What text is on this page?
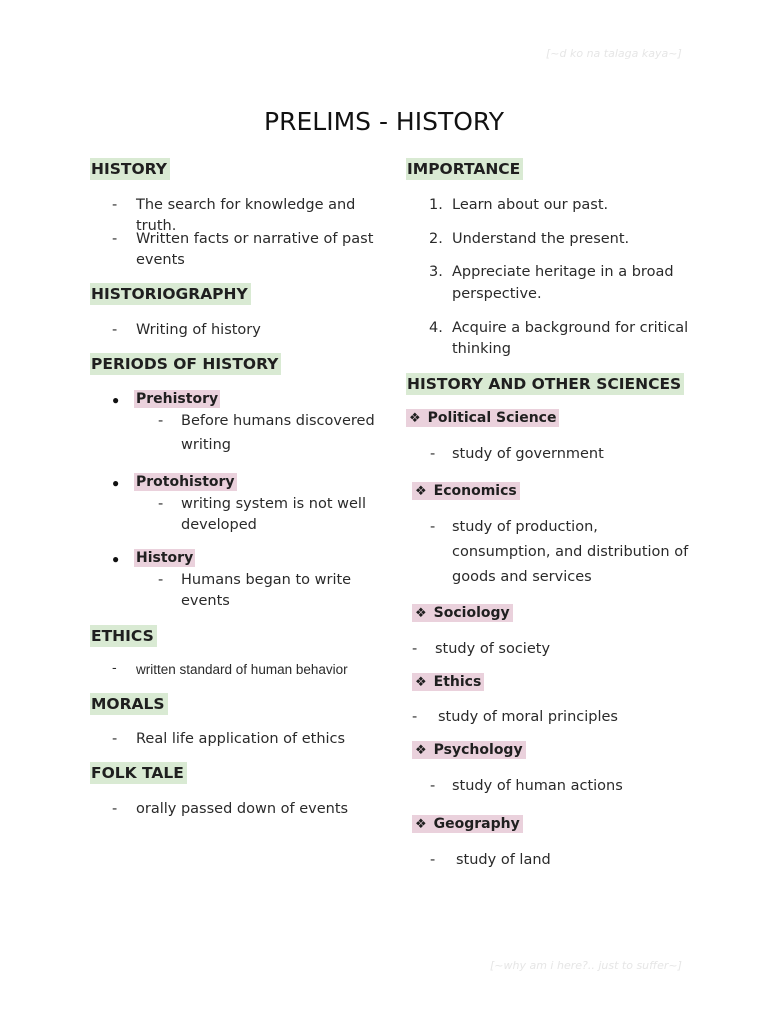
[~d ko na talaga kaya~]
PRELIMS - HISTORY
HISTORY
- The search for knowledge and truth.
- Written facts or narrative of past
events
HISTORIOGRAPHY
- Writing of history
PERIODS OF HISTORY
● Prehistory
- Before humans discovered
writing
● Protohistory
- writing system is not well
developed
● History
- Humans began to write
events
ETHICS
- written standard of human behavior
MORALS
- Real life application of ethics
FOLK TALE
- orally passed down of events
IMPORTANCE
1. Learn about our past.
2. Understand the present.
3. Appreciate heritage in a broad
perspective.
4. Acquire a background for critical
thinking
HISTORY AND OTHER SCIENCES
❖ Political Science
- study of government
❖ Economics
- study of production,
consumption, and distribution of
goods and services
❖ Sociology
- study of society
❖ Ethics
- study of moral principles
❖ Psychology
- study of human actions
❖ Geography
- study of land
[~why am i here?.. just to suffer~]
